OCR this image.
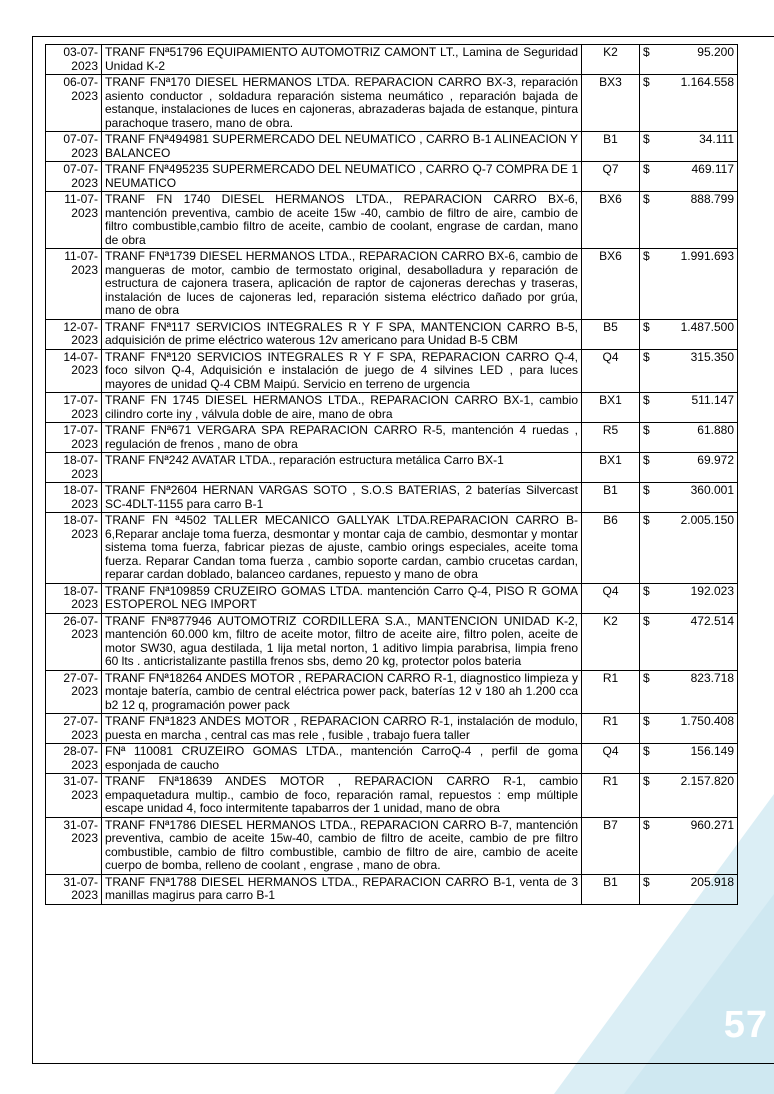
03-07-2023	TRANF FNª51796 EQUIPAMIENTO AUTOMOTRIZ CAMONT LT., Lamina de Seguridad Unidad K-2	K2	$ 95.200

06-07-2023	TRANF FNª170 DIESEL HERMANOS LTDA. REPARACION CARRO BX-3, reparación asiento conductor , soldadura reparación sistema neumático , reparación bajada de estanque, instalaciones de luces en cajoneras, abrazaderas bajada de estanque, pintura parachoque trasero, mano de obra.	BX3	$ 1.164.558

07-07-2023	TRANF FNª494981 SUPERMERCADO DEL NEUMATICO , CARRO B-1 ALINEACION Y BALANCEO	B1	$ 34.111

07-07-2023	TRANF FNª495235 SUPERMERCADO DEL NEUMATICO , CARRO Q-7 COMPRA DE 1 NEUMATICO	Q7	$ 469.117

11-07-2023	TRANF FN 1740 DIESEL HERMANOS LTDA., REPARACION CARRO BX-6, mantención preventiva, cambio de aceite 15w -40, cambio de filtro de aire, cambio de filtro combustible,cambio filtro de aceite, cambio de coolant, engrase de cardan, mano de obra	BX6	$ 888.799

11-07-2023	TRANF FNª1739 DIESEL HERMANOS LTDA., REPARACION CARRO BX-6, cambio de mangueras de motor, cambio de termostato original, desabolladura y reparación de estructura de cajonera trasera, aplicación de raptor de cajoneras derechas y traseras, instalación de luces de cajoneras led, reparación sistema eléctrico dañado por grúa, mano de obra	BX6	$ 1.991.693

12-07-2023	TRANF FNª117 SERVICIOS INTEGRALES R Y F SPA, MANTENCION CARRO B-5, adquisición de prime eléctrico waterous 12v americano para Unidad B-5 CBM	B5	$ 1.487.500

14-07-2023	TRANF FNª120 SERVICIOS INTEGRALES R Y F SPA, REPARACION CARRO Q-4, foco silvon Q-4, Adquisición e instalación de juego de 4 silvines LED , para luces mayores de unidad Q-4 CBM Maipú. Servicio en terreno de urgencia	Q4	$ 315.350

17-07-2023	TRANF FN 1745 DIESEL HERMANOS LTDA., REPARACION CARRO BX-1, cambio cilindro corte iny , válvula doble de aire, mano de obra	BX1	$ 511.147

17-07-2023	TRANF FNª671 VERGARA SPA REPARACION CARRO R-5, mantención 4 ruedas , regulación de frenos , mano de obra	R5	$ 61.880

18-07-2023	TRANF FNª242 AVATAR LTDA., reparación estructura metálica Carro BX-1	BX1	$ 69.972

18-07-2023	TRANF FNª2604 HERNAN VARGAS SOTO , S.O.S BATERIAS, 2 baterías Silvercast SC-4DLT-1155 para carro B-1	B1	$ 360.001

18-07-2023	TRANF FN ª4502 TALLER MECANICO GALLYAK LTDA.REPARACION CARRO B-6,Reparar anclaje toma fuerza, desmontar y montar caja de cambio, desmontar y montar sistema toma fuerza, fabricar piezas de ajuste, cambio orings especiales, aceite toma fuerza. Reparar Candan toma fuerza , cambio soporte cardan, cambio crucetas cardan, reparar cardan doblado, balanceo cardanes, repuesto y mano de obra	B6	$ 2.005.150

18-07-2023	TRANF FNª109859 CRUZEIRO GOMAS LTDA. mantención Carro Q-4, PISO R GOMA ESTOPEROL NEG IMPORT	Q4	$ 192.023

26-07-2023	TRANF FNª877946 AUTOMOTRIZ CORDILLERA S.A., MANTENCION UNIDAD K-2, mantención 60.000 km, filtro de aceite motor, filtro de aceite aire, filtro polen, aceite de motor SW30, agua destilada, 1 lija metal norton, 1 aditivo limpia parabrisa, limpia freno 60 lts . anticristalizante pastilla frenos sbs, demo 20 kg, protector polos bateria	K2	$ 472.514

27-07-2023	TRANF FNª18264 ANDES MOTOR , REPARACION CARRO R-1, diagnostico limpieza y montaje batería, cambio de central eléctrica power pack, baterías 12 v 180 ah 1.200 cca b2 12 q, programación power pack	R1	$ 823.718

27-07-2023	TRANF FNª1823 ANDES MOTOR , REPARACION CARRO R-1, instalación de modulo, puesta en marcha , central cas mas rele , fusible , trabajo fuera taller	R1	$ 1.750.408

28-07-2023	FNª 110081 CRUZEIRO GOMAS LTDA., mantención CarroQ-4 , perfil de goma esponjada de caucho	Q4	$ 156.149

31-07-2023	TRANF FNª18639 ANDES MOTOR , REPARACION CARRO R-1, cambio empaquetadura multip., cambio de foco, reparación ramal, repuestos : emp múltiple escape unidad 4, foco intermitente tapabarros der 1 unidad, mano de obra	R1	$ 2.157.820

31-07-2023	TRANF FNª1786 DIESEL HERMANOS LTDA., REPARACION CARRO B-7, mantención preventiva, cambio de aceite 15w-40, cambio de filtro de aceite, cambio de pre filtro combustible, cambio de filtro combustible, cambio de filtro de aire, cambio de aceite cuerpo de bomba, relleno de coolant , engrase , mano de obra.	B7	$ 960.271

31-07-2023	TRANF FNª1788 DIESEL HERMANOS LTDA., REPARACION CARRO B-1, venta de 3 manillas magirus para carro B-1	B1	$ 205.918
57
